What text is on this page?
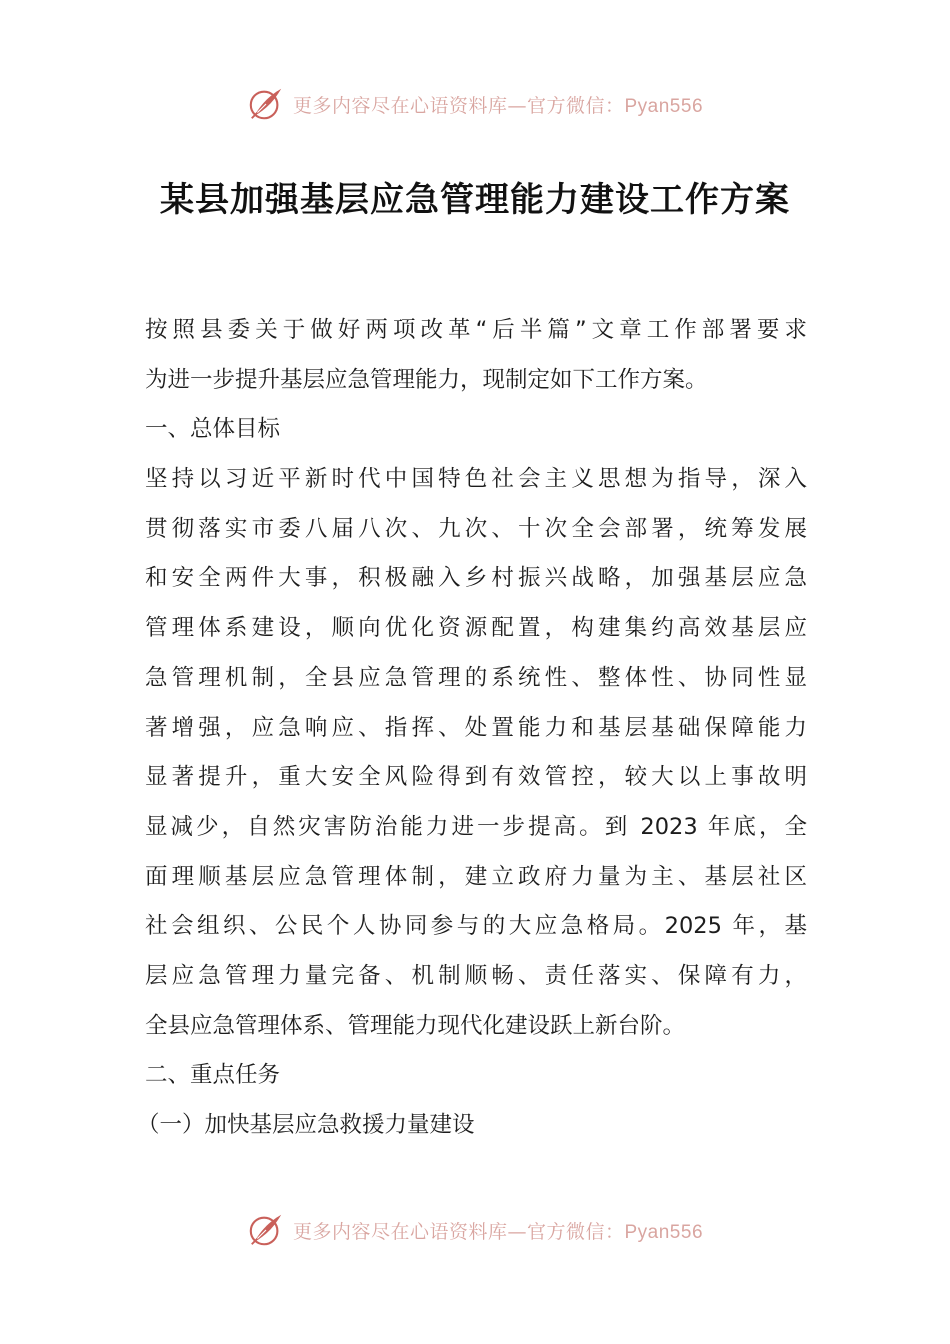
更多内容尽在心语资料库—官方微信：Pyan556
某县加强基层应急管理能力建设工作方案
按照县委关于做好两项改革“后半篇”文章工作部署要求
为进一步提升基层应急管理能力，现制定如下工作方案。
一、总体目标
坚持以习近平新时代中国特色社会主义思想为指导，深入
贯彻落实市委八届八次、九次、十次全会部署，统筹发展
和安全两件大事，积极融入乡村振兴战略，加强基层应急
管理体系建设，顺向优化资源配置，构建集约高效基层应
急管理机制，全县应急管理的系统性、整体性、协同性显
著增强，应急响应、指挥、处置能力和基层基础保障能力
显著提升，重大安全风险得到有效管控，较大以上事故明
显减少，自然灾害防治能力进一步提高。到 2023 年底，全
面理顺基层应急管理体制，建立政府力量为主、基层社区
社会组织、公民个人协同参与的大应急格局。2025 年，基
层应急管理力量完备、机制顺畅、责任落实、保障有力，
全县应急管理体系、管理能力现代化建设跃上新台阶。
二、重点任务
（一）加快基层应急救援力量建设
更多内容尽在心语资料库—官方微信：Pyan556
